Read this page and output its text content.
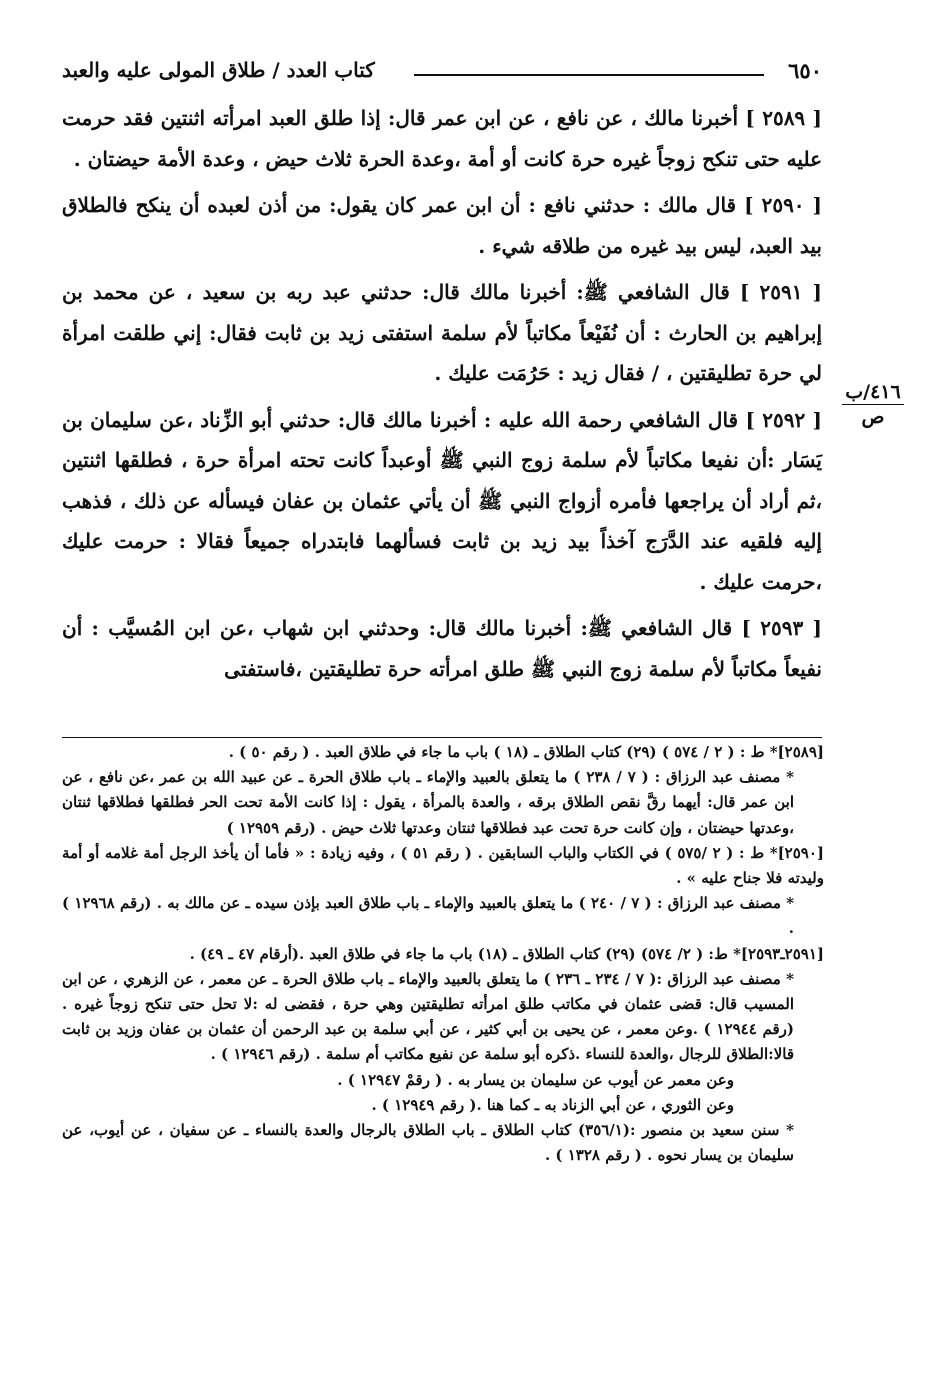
٦٥٠
كتاب العدد / طلاق المولى عليه والعبد

[ ٢٥٨٩ ] أخبرنا مالك ، عن نافع ، عن ابن عمر قال: إذا طلق العبد امرأته اثنتين فقد حرمت عليه حتى تنكح زوجاً غيره حرة كانت أو أمة ،وعدة الحرة ثلاث حيض ، وعدة الأمة حيضتان .

[ ٢٥٩٠ ] قال مالك : حدثني نافع : أن ابن عمر كان يقول: من أذن لعبده أن ينكح فالطلاق بيد العبد، ليس بيد غيره من طلاقه شيء .

[ ٢٥٩١ ] قال الشافعي ﷺ: أخبرنا مالك قال: حدثني عبد ربه بن سعيد ، عن محمد بن إبراهيم بن الحارث : أن نُفَيْعاً مكاتباً لأم سلمة استفتى زيد بن ثابت فقال: إني طلقت امرأة لي حرة تطليقتين ، / فقال زيد : حَرُمَت عليك .

[ ٢٥٩٢ ] قال الشافعي رحمة الله عليه : أخبرنا مالك قال: حدثني أبو الزِّناد ،عن سليمان بن يَسَار :أن نفيعا مكاتباً لأم سلمة زوج النبي ﷺ أوعبداً كانت تحته امرأة حرة ، فطلقها اثنتين ،ثم أراد أن يراجعها فأمره أزواج النبي ﷺ أن يأتي عثمان بن عفان فيسأله عن ذلك ، فذهب إليه فلقيه عند الدَّرَج آخذاً بيد زيد بن ثابت فسألهما فابتدراه جميعاً فقالا : حرمت عليك ،حرمت عليك .

[ ٢٥٩٣ ] قال الشافعي ﷺ: أخبرنا مالك قال: وحدثني ابن شهاب ،عن ابن المُسيَّب : أن نفيعاً مكاتباً لأم سلمة زوج النبي ﷺ طلق امرأته حرة تطليقتين ،فاستفتى

٤١٦/ب
ص

[٢٥٨٩]* ط : ( ٢ / ٥٧٤ ) (٢٩) كتاب الطلاق ـ (١٨ ) باب ما جاء في طلاق العبد . ( رقم ٥٠ ) .

* مصنف عبد الرزاق : ( ٧ / ٢٣٨ ) ما يتعلق بالعبيد والإماء ـ باب طلاق الحرة ـ عن عبيد الله بن عمر ،عن نافع ، عن ابن عمر قال: أيهما رقَّ نقص الطلاق برقه ، والعدة بالمرأة ، يقول : إذا كانت الأمة تحت الحر فطلقها فطلاقها ثنتان ،وعدتها حيضتان ، وإن كانت حرة تحت عبد فطلاقها ثنتان وعدتها ثلاث حيض . (رقم ١٢٩٥٩ )

[٢٥٩٠]* ط : ( ٢ /٥٧٥ ) في الكتاب والباب السابقين . ( رقم ٥١ ) ، وفيه زيادة : « فأما أن يأخذ الرجل أمة غلامه أو أمة وليدته فلا جناح عليه » .

* مصنف عبد الرزاق : ( ٧ / ٢٤٠ ) ما يتعلق بالعبيد والإماء ـ باب طلاق العبد بإذن سيده ـ عن مالك به . (رقم ١٢٩٦٨ ) .

[٢٥٩١ـ٢٥٩٣]* ط: ( ٢/ ٥٧٤) (٢٩) كتاب الطلاق ـ (١٨) باب ما جاء في طلاق العبد .(أرقام ٤٧ ـ ٤٩) .

* مصنف عبد الرزاق :( ٧ / ٢٣٤ ـ ٢٣٦ ) ما يتعلق بالعبيد والإماء ـ باب طلاق الحرة ـ عن معمر ، عن الزهري ، عن ابن المسيب قال: قضى عثمان في مكاتب طلق امرأته تطليقتين وهي حرة ، فقضى له :لا تحل حتى تنكح زوجاً غيره . (رقم ١٢٩٤٤ ) .وعن معمر ، عن يحيى بن أبي كثير ، عن أبي سلمة بن عبد الرحمن أن عثمان بن عفان وزيد بن ثابت قالا:الطلاق للرجال ،والعدة للنساء .ذكره أبو سلمة عن نفيع مكاتب أم سلمة . (رقم ١٢٩٤٦ ) .

وعن معمر عن أيوب عن سليمان بن يسار به . ( رقمْ ١٢٩٤٧ ) .

وعن الثوري ، عن أبي الزناد به ـ كما هنا .( رقم ١٢٩٤٩ ) .

* سنن سعيد بن منصور :(٣٥٦/١) كتاب الطلاق ـ باب الطلاق بالرجال والعدة بالنساء ـ عن سفيان ، عن أيوب، عن سليمان بن يسار نحوه . ( رقم ١٣٢٨ ) .
